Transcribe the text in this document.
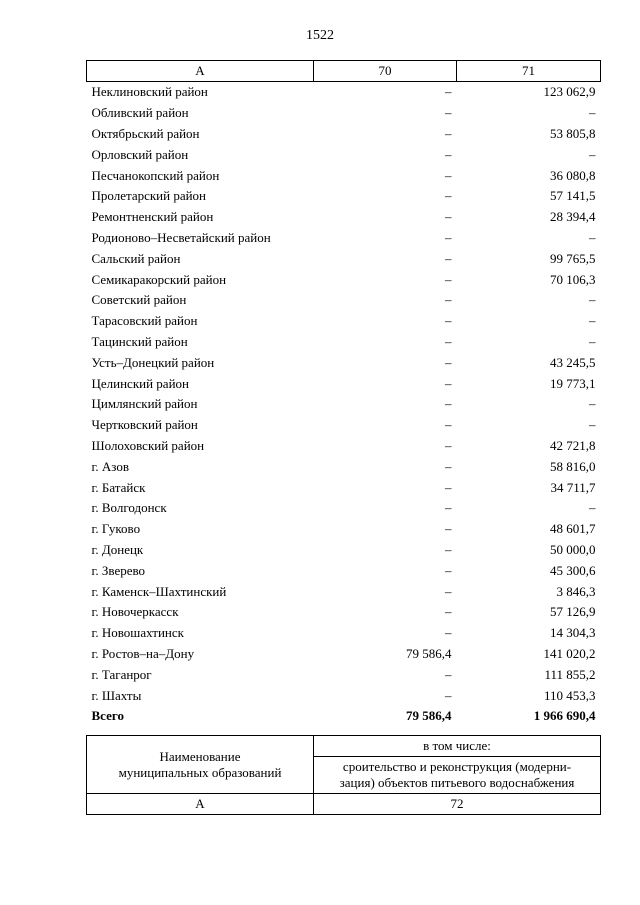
1522
А	70	71
Неклиновский район	–	123 062,9
Обливский район	–	–
Октябрьский район	–	53 805,8
Орловский район	–	–
Песчанокопский район	–	36 080,8
Пролетарский район	–	57 141,5
Ремонтненский район	–	28 394,4
Родионово–Несветайский район	–	–
Сальский район	–	99 765,5
Семикаракорский район	–	70 106,3
Советский район	–	–
Тарасовский район	–	–
Тацинский район	–	–
Усть–Донецкий район	–	43 245,5
Целинский район	–	19 773,1
Цимлянский район	–	–
Чертковский район	–	–
Шолоховский район	–	42 721,8
г. Азов	–	58 816,0
г. Батайск	–	34 711,7
г. Волгодонск	–	–
г. Гуково	–	48 601,7
г. Донецк	–	50 000,0
г. Зверево	–	45 300,6
г. Каменск–Шахтинский	–	3 846,3
г. Новочеркасск	–	57 126,9
г. Новошахтинск	–	14 304,3
г. Ростов–на–Дону	79 586,4	141 020,2
г. Таганрог	–	111 855,2
г. Шахты	–	110 453,3
Всего	79 586,4	1 966 690,4
Наименование
муниципальных образований	в том числе:

	сроительство и реконструкция (модерни-
зация) объектов питьевого водоснабжения

А	72
